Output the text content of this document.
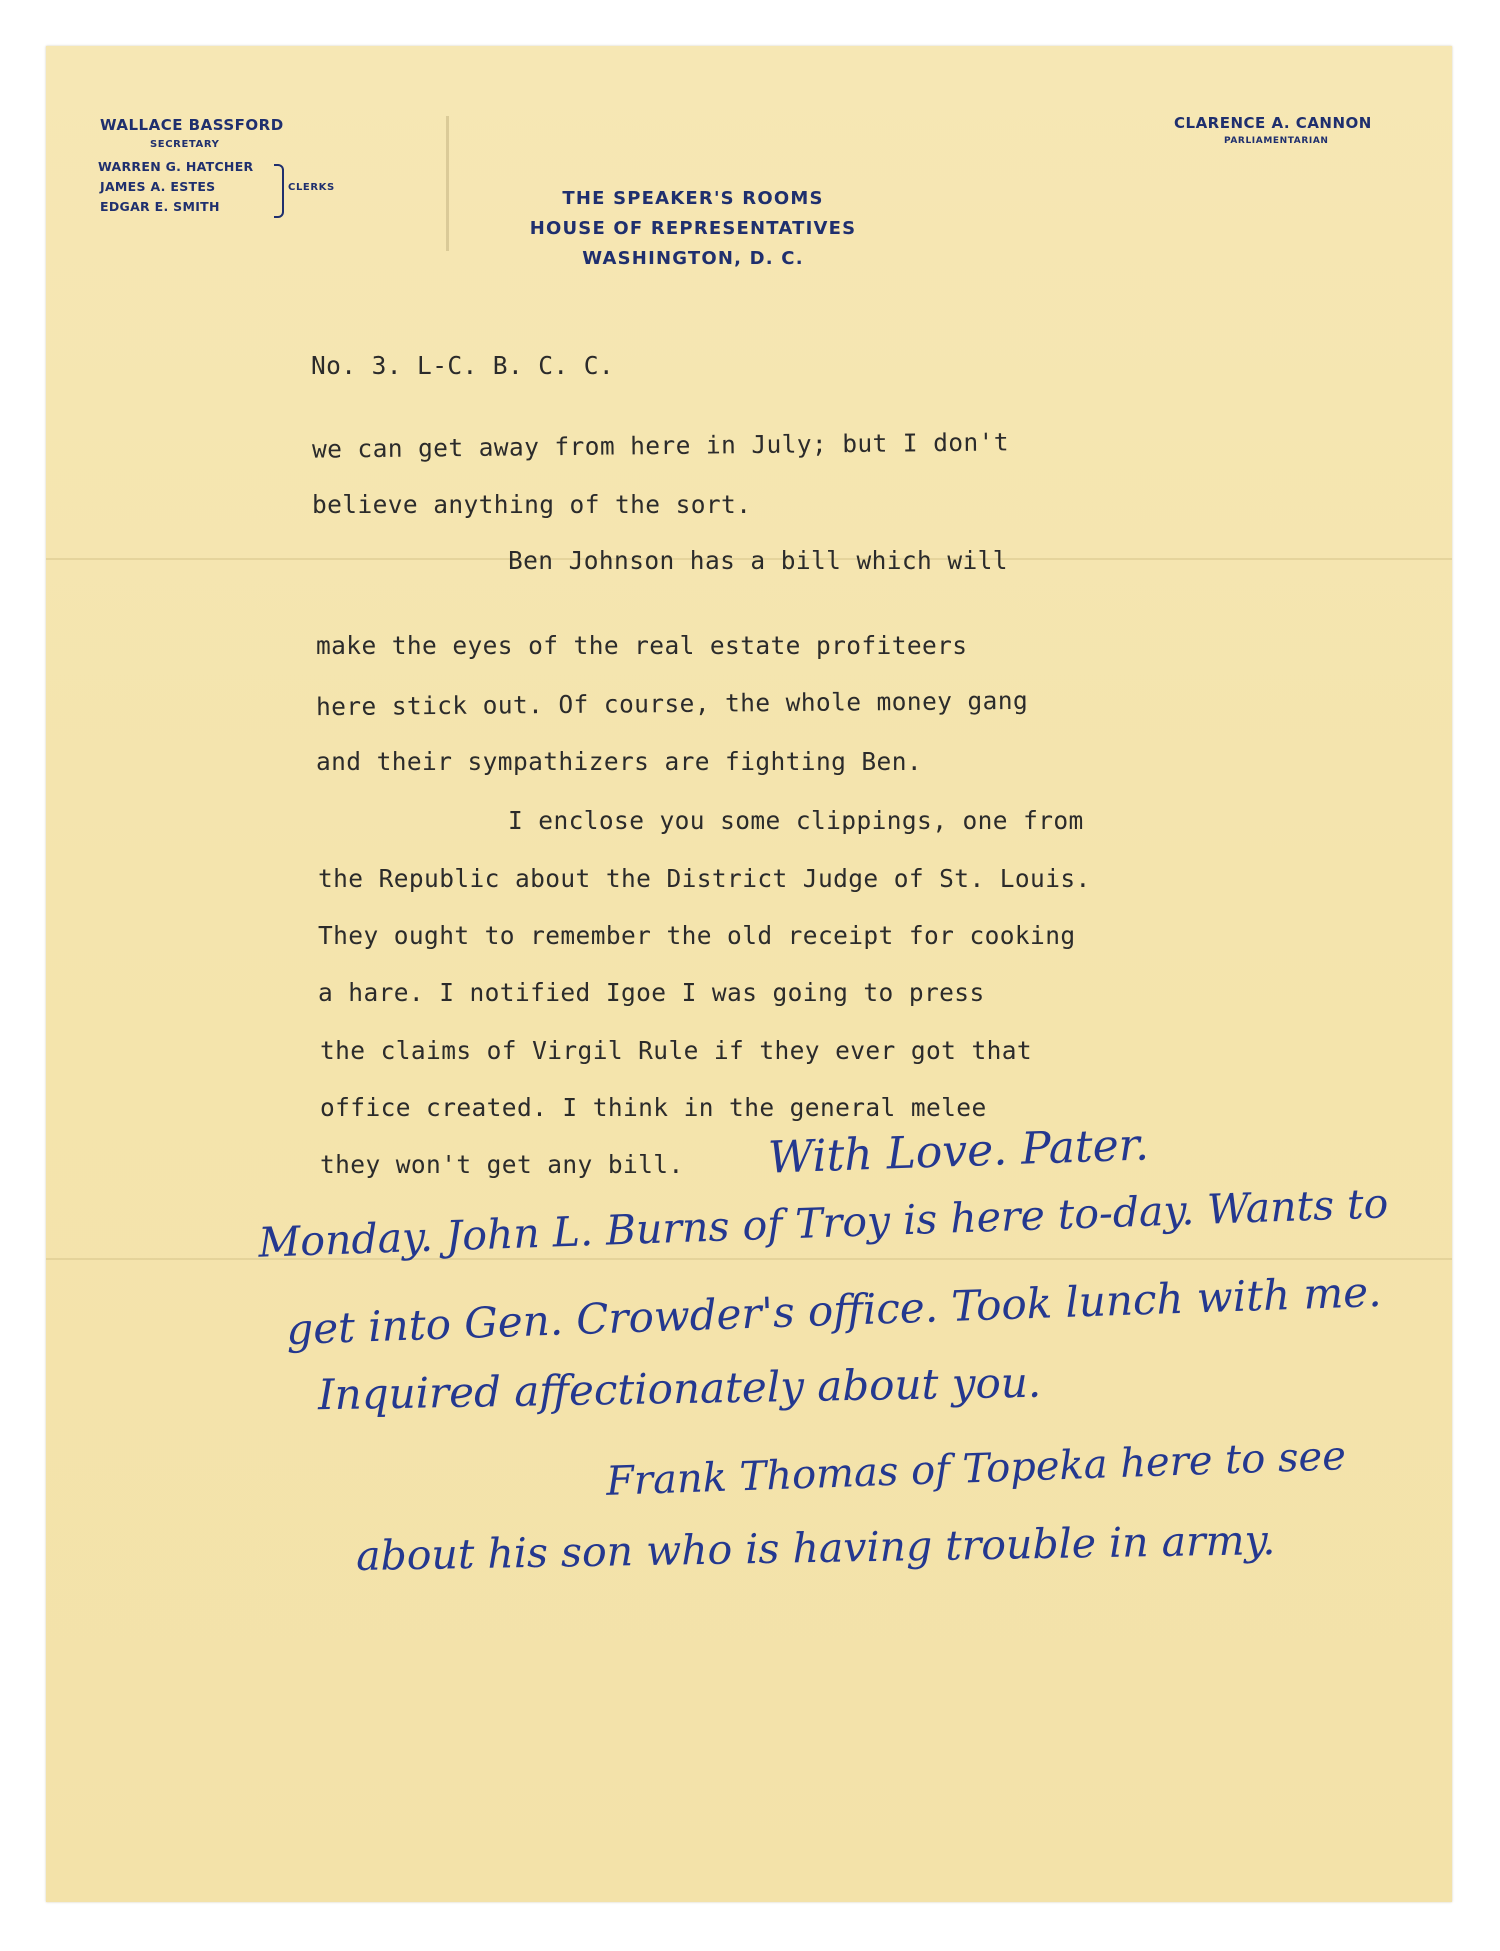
WALLACE BASSFORD
SECRETARY
WARREN G. HATCHER
JAMES A. ESTES
EDGAR E. SMITH
CLERKS
THE SPEAKER'S ROOMS
HOUSE OF REPRESENTATIVES
WASHINGTON, D. C.
CLARENCE A. CANNON
PARLIAMENTARIAN
No. 3. L-C. B. C. C.
we can get away from here in July; but I don't
believe anything of the sort.
Ben Johnson has a bill which will
make the eyes of the real estate profiteers
here stick out. Of course, the whole money gang
and their sympathizers are fighting Ben.
I enclose you some clippings, one from
the Republic about the District Judge of St. Louis.
They ought to remember the old receipt for cooking
a hare. I notified Igoe I was going to press
the claims of Virgil Rule if they ever got that
office created. I think in the general melee
they won't get any bill. With Love. Pater.
Monday. John L. Burns of Troy is here to-day. Wants to
get into Gen. Crowder's office. Took lunch with me.
Inquired affectionately about you.
Frank Thomas of Topeka here to see
about his son who is having trouble in army.
